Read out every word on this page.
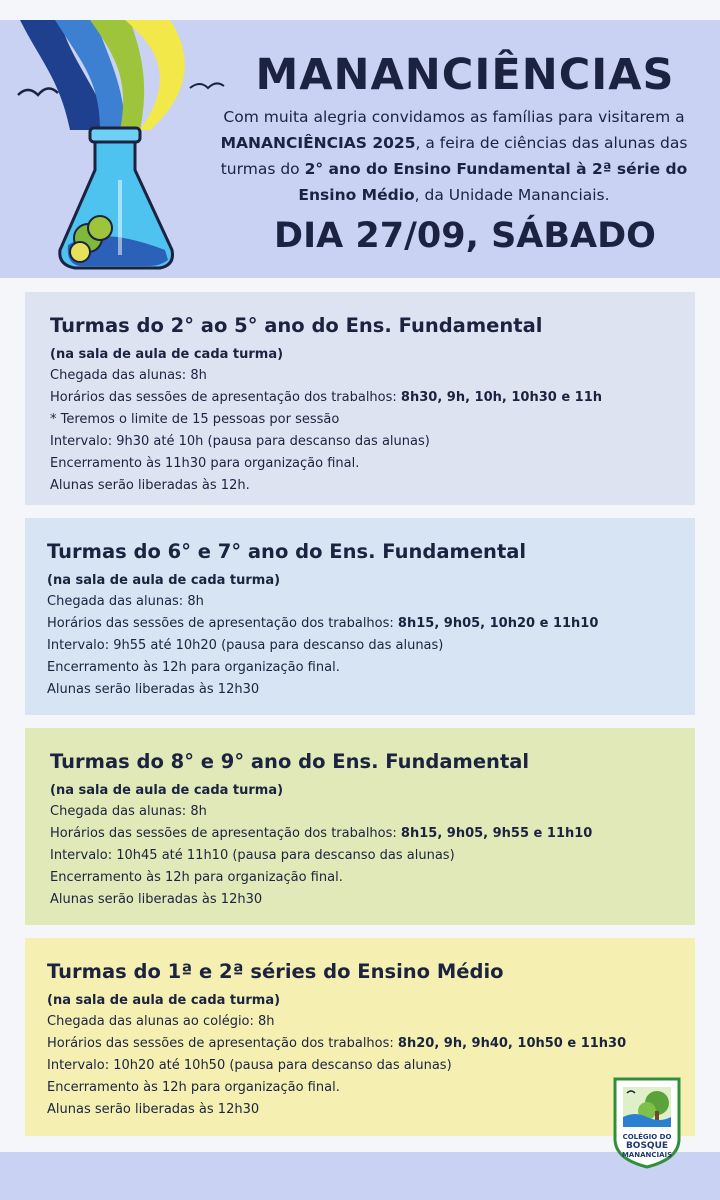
MANANCIÊNCIAS

Com muita alegria convidamos as famílias para visitarem a MANANCIÊNCIAS 2025, a feira de ciências das alunas das turmas do 2° ano do Ensino Fundamental à 2ª série do Ensino Médio, da Unidade Mananciais.

DIA 27/09, SÁBADO
Turmas do 2° ao 5° ano do Ens. Fundamental
(na sala de aula de cada turma)
Chegada das alunas: 8h
Horários das sessões de apresentação dos trabalhos: 8h30, 9h, 10h, 10h30 e 11h
* Teremos o limite de 15 pessoas por sessão
Intervalo: 9h30 até 10h (pausa para descanso das alunas)
Encerramento às 11h30 para organização final.
Alunas serão liberadas às 12h.
Turmas do 6° e 7° ano do Ens. Fundamental
(na sala de aula de cada turma)
Chegada das alunas: 8h
Horários das sessões de apresentação dos trabalhos: 8h15, 9h05, 10h20 e 11h10
Intervalo: 9h55 até 10h20 (pausa para descanso das alunas)
Encerramento às 12h para organização final.
Alunas serão liberadas às 12h30
Turmas do 8° e 9° ano do Ens. Fundamental
(na sala de aula de cada turma)
Chegada das alunas: 8h
Horários das sessões de apresentação dos trabalhos: 8h15, 9h05, 9h55 e 11h10
Intervalo: 10h45 até 11h10 (pausa para descanso das alunas)
Encerramento às 12h para organização final.
Alunas serão liberadas às 12h30
Turmas do 1ª e 2ª séries do Ensino Médio
(na sala de aula de cada turma)
Chegada das alunas ao colégio: 8h
Horários das sessões de apresentação dos trabalhos: 8h20, 9h, 9h40, 10h50 e 11h30
Intervalo: 10h20 até 10h50 (pausa para descanso das alunas)
Encerramento às 12h para organização final.
Alunas serão liberadas às 12h30
COLÉGIO DO
BOSQUE
MANANCIAIS
